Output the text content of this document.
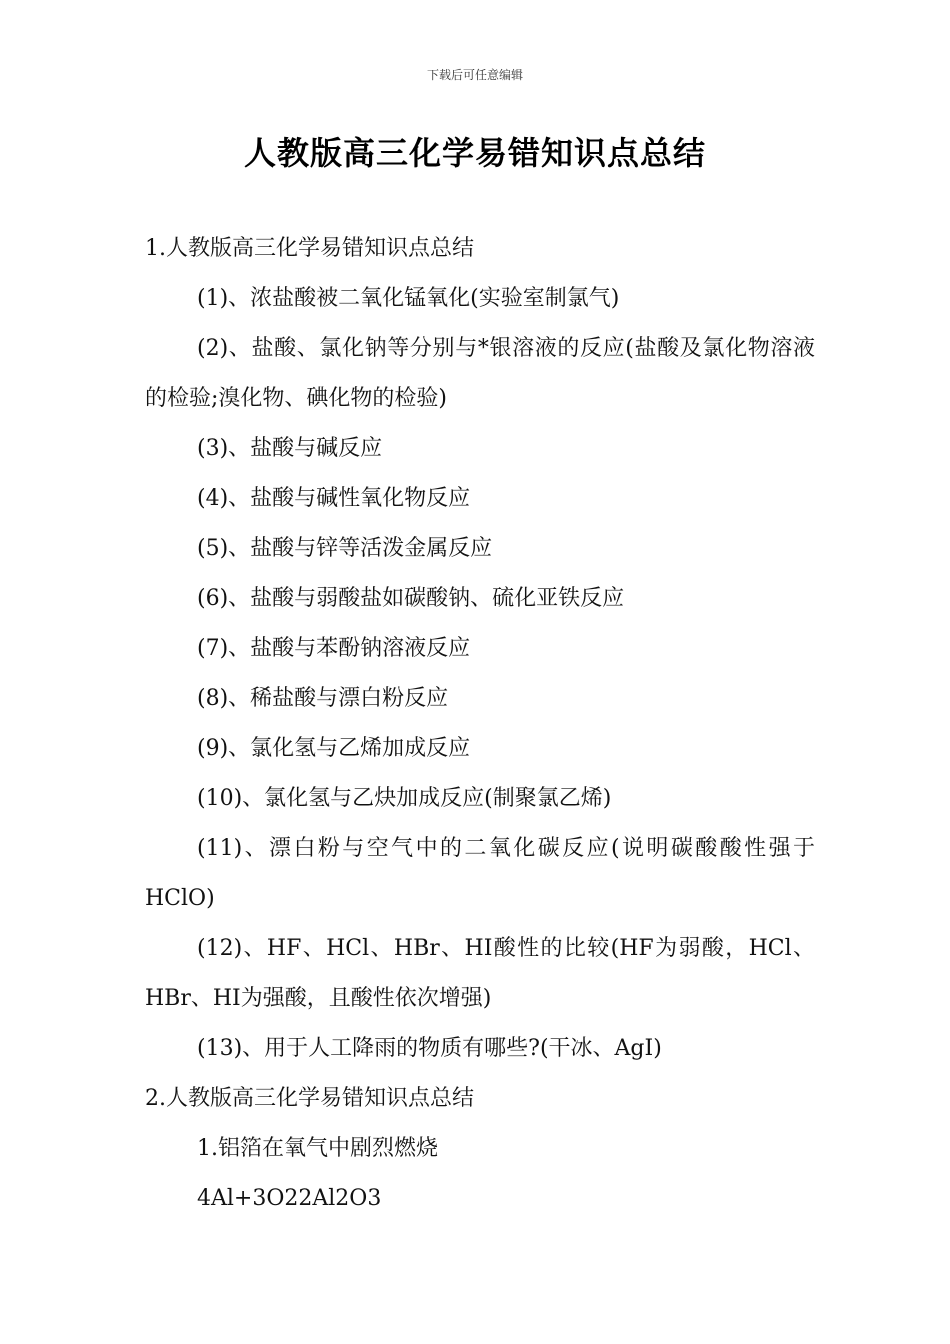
下载后可任意编辑
人教版高三化学易错知识点总结

1.人教版高三化学易错知识点总结

(1)、浓盐酸被二氧化锰氧化(实验室制氯气)

(2)、盐酸、氯化钠等分别与*银溶液的反应(盐酸及氯化物溶液的检验;溴化物、碘化物的检验)

(3)、盐酸与碱反应

(4)、盐酸与碱性氧化物反应

(5)、盐酸与锌等活泼金属反应

(6)、盐酸与弱酸盐如碳酸钠、硫化亚铁反应

(7)、盐酸与苯酚钠溶液反应

(8)、稀盐酸与漂白粉反应

(9)、氯化氢与乙烯加成反应

(10)、氯化氢与乙炔加成反应(制聚氯乙烯)

(11)、漂白粉与空气中的二氧化碳反应(说明碳酸酸性强于HClO)

(12)、HF、HCl、HBr、HI酸性的比较(HF为弱酸，HCl、HBr、HI为强酸，且酸性依次增强)

(13)、用于人工降雨的物质有哪些?(干冰、AgI)

2.人教版高三化学易错知识点总结

1.铝箔在氧气中剧烈燃烧

4Al+3O22Al2O3
